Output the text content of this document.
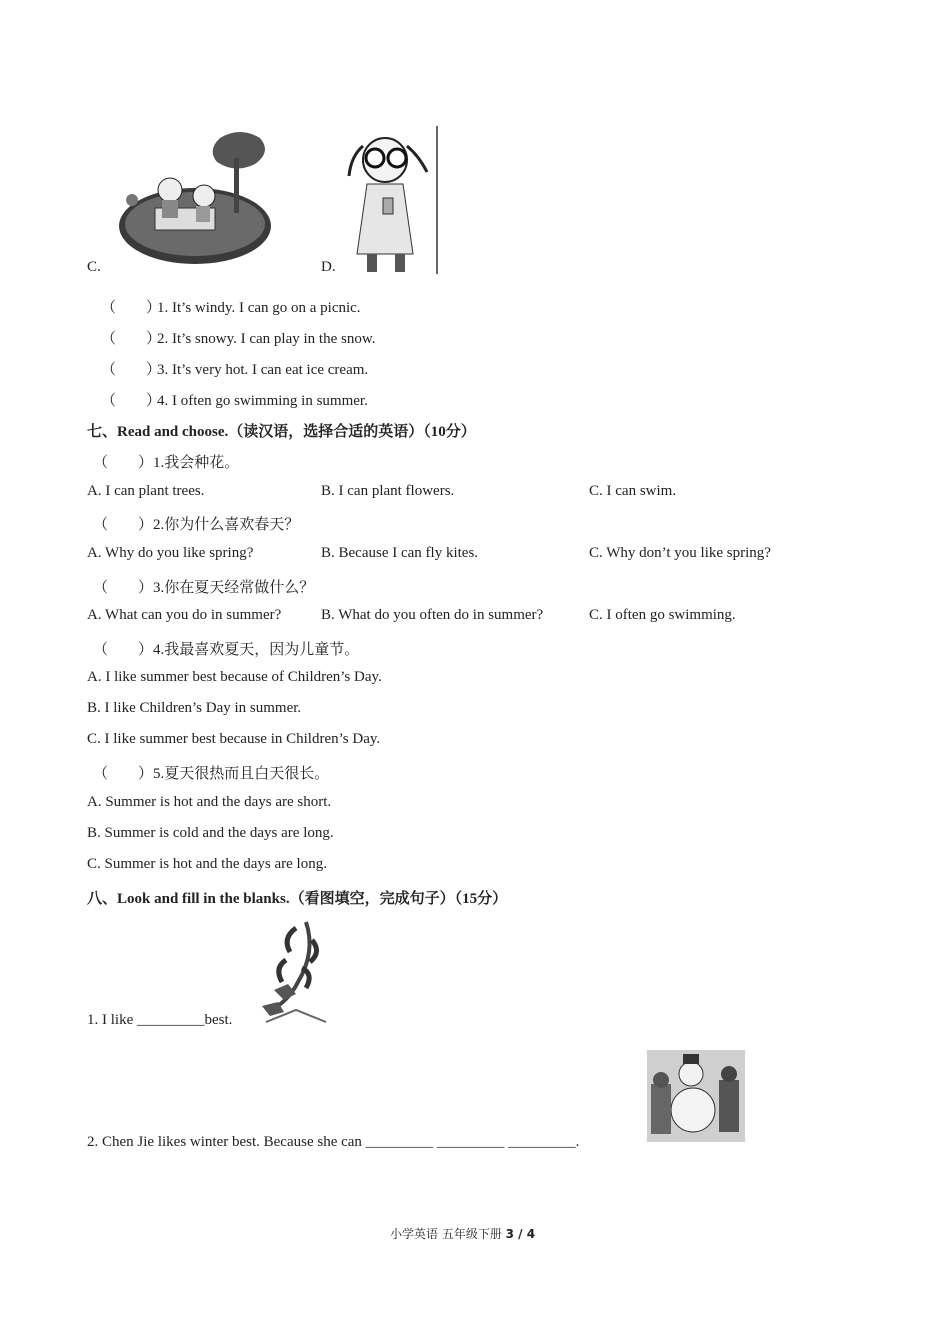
C.	D.
（　　）1. It’s windy. I can go on a picnic.
（　　）2. It’s snowy. I can play in the snow.
（　　）3. It’s very hot. I can eat ice cream.
（　　）4. I often go swimming in summer.
七、Read and choose.（读汉语，选择合适的英语）（10分）
（　　）1.我会种花。
A. I can plant trees.	B. I can plant flowers.	C. I can swim.
（　　）2.你为什么喜欢春天？
A. Why do you like spring?	B. Because I can fly kites.	C. Why don’t you like spring?
（　　）3.你在夏天经常做什么？
A. What can you do in summer?	B. What do you often do in summer?	C. I often go swimming.
（　　）4.我最喜欢夏天，因为儿童节。
A. I like summer best because of Children’s Day.
B. I like Children’s Day in summer.
C. I like summer best because in Children’s Day.
（　　）5.夏天很热而且白天很长。
A. Summer is hot and the days are short.
B. Summer is cold and the days are long.
C. Summer is hot and the days are long.
八、Look and fill in the blanks.（看图填空，完成句子）（15分）
1. I like _________best.
2. Chen Jie likes winter best. Because she can _________ _________ _________.
小学英语 五年级下册 3 / 4
